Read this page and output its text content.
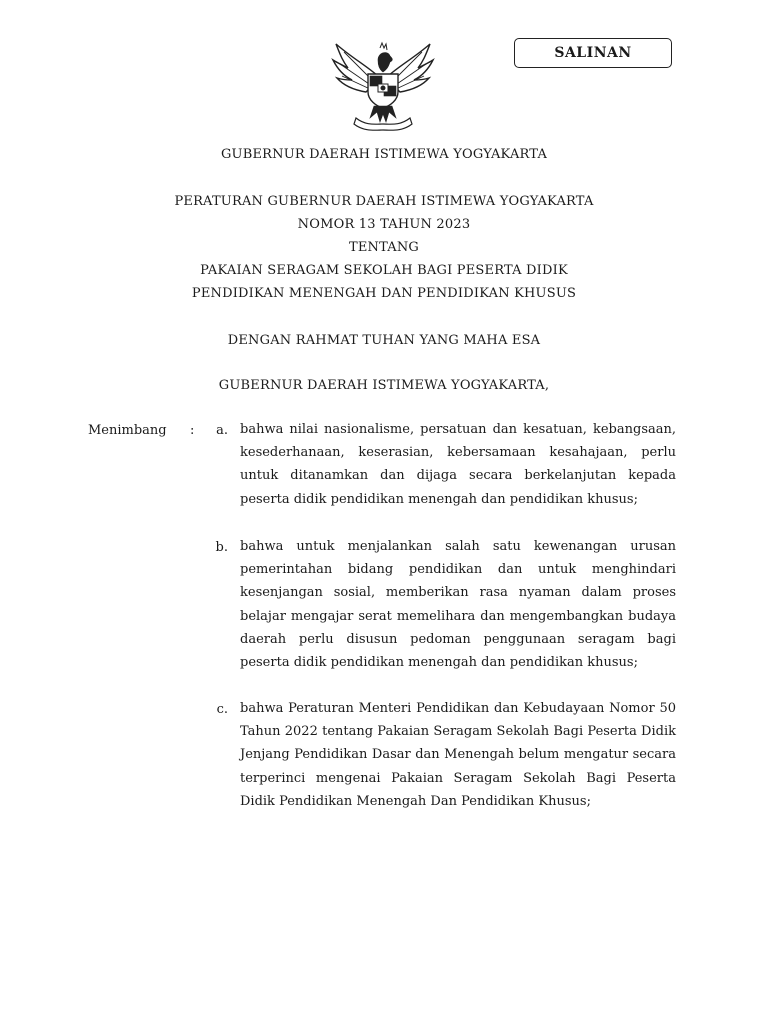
SALINAN
GUBERNUR DAERAH ISTIMEWA YOGYAKARTA
PERATURAN GUBERNUR DAERAH ISTIMEWA YOGYAKARTA
NOMOR 13 TAHUN 2023
TENTANG
PAKAIAN SERAGAM SEKOLAH BAGI PESERTA DIDIK
PENDIDIKAN MENENGAH DAN PENDIDIKAN KHUSUS
DENGAN RAHMAT TUHAN YANG MAHA ESA
GUBERNUR DAERAH ISTIMEWA YOGYAKARTA,
Menimbang :	a. bahwa nilai nasionalisme, persatuan dan kesatuan, kebangsaan, kesederhanaan, keserasian, kebersamaan kesahajaan, perlu untuk ditanamkan dan dijaga secara berkelanjutan kepada peserta didik pendidikan menengah dan pendidikan khusus;
b. bahwa untuk menjalankan salah satu kewenangan urusan pemerintahan bidang pendidikan dan untuk menghindari kesenjangan sosial, memberikan rasa nyaman dalam proses belajar mengajar serat memelihara dan mengembangkan budaya daerah perlu disusun pedoman penggunaan seragam bagi peserta didik pendidikan menengah dan pendidikan khusus;
c. bahwa Peraturan Menteri Pendidikan dan Kebudayaan Nomor 50 Tahun 2022 tentang Pakaian Seragam Sekolah Bagi Peserta Didik Jenjang Pendidikan Dasar dan Menengah belum mengatur secara terperinci mengenai Pakaian Seragam Sekolah Bagi Peserta Didik Pendidikan Menengah Dan Pendidikan Khusus;
